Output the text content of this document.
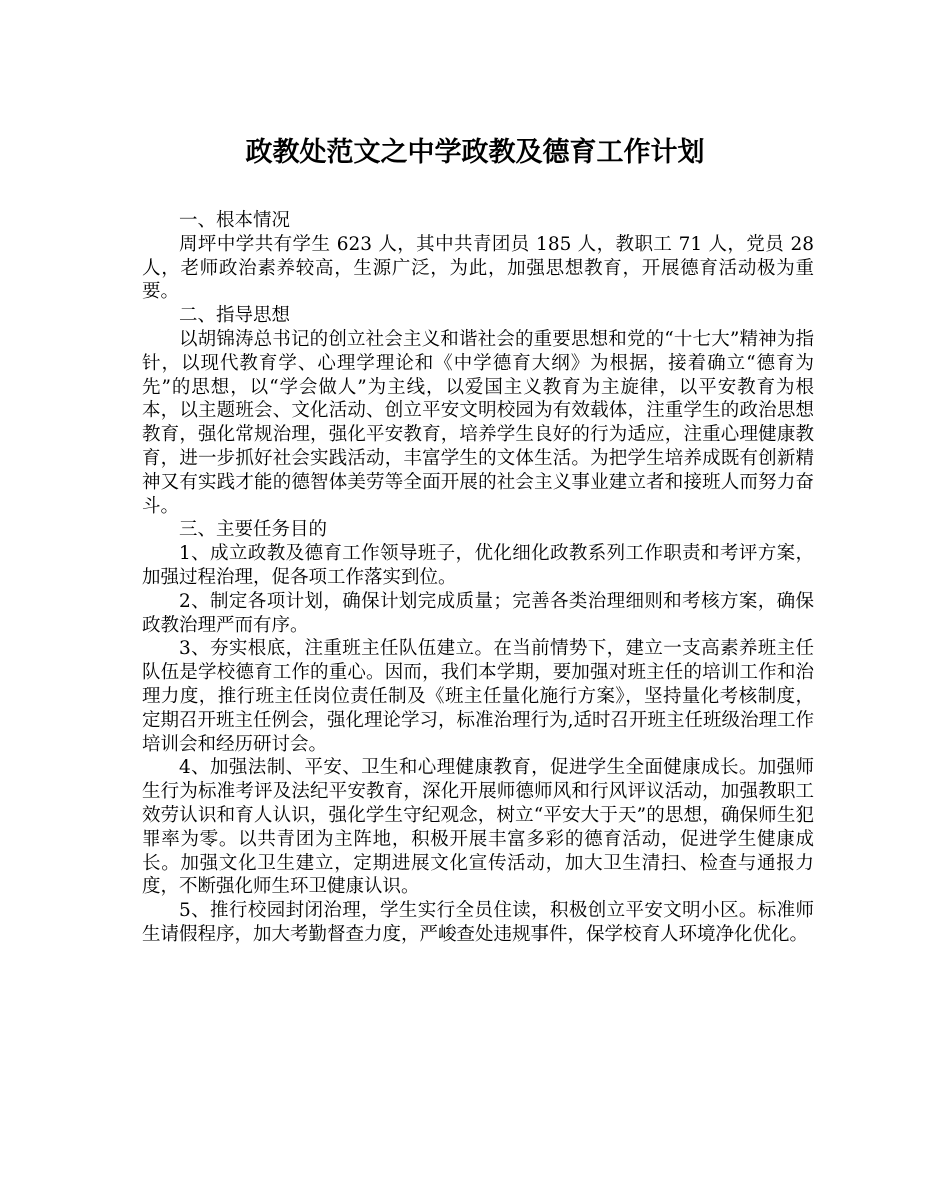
政教处范文之中学政教及德育工作计划

一、根本情况

周坪中学共有学生 623 人，其中共青团员 185 人，教职工 71 人，党员 28 人，老师政治素养较高，生源广泛，为此，加强思想教育，开展德育活动极为重要。

二、指导思想

以胡锦涛总书记的创立社会主义和谐社会的重要思想和党的“十七大”精神为指针，以现代教育学、心理学理论和《中学德育大纲》为根据，接着确立“德育为先”的思想，以“学会做人”为主线，以爱国主义教育为主旋律，以平安教育为根本，以主题班会、文化活动、创立平安文明校园为有效载体，注重学生的政治思想教育，强化常规治理，强化平安教育，培养学生良好的行为适应，注重心理健康教育，进一步抓好社会实践活动，丰富学生的文体生活。为把学生培养成既有创新精神又有实践才能的德智体美劳等全面开展的社会主义事业建立者和接班人而努力奋斗。

三、主要任务目的

1、成立政教及德育工作领导班子，优化细化政教系列工作职责和考评方案，加强过程治理，促各项工作落实到位。

2、制定各项计划，确保计划完成质量；完善各类治理细则和考核方案，确保政教治理严而有序。

3、夯实根底，注重班主任队伍建立。在当前情势下，建立一支高素养班主任队伍是学校德育工作的重心。因而，我们本学期，要加强对班主任的培训工作和治理力度，推行班主任岗位责任制及《班主任量化施行方案》，坚持量化考核制度，定期召开班主任例会，强化理论学习，标准治理行为,适时召开班主任班级治理工作培训会和经历研讨会。

4、加强法制、平安、卫生和心理健康教育，促进学生全面健康成长。加强师生行为标准考评及法纪平安教育，深化开展师德师风和行风评议活动，加强教职工效劳认识和育人认识，强化学生守纪观念，树立“平安大于天”的思想，确保师生犯罪率为零。以共青团为主阵地，积极开展丰富多彩的德育活动，促进学生健康成长。加强文化卫生建立，定期进展文化宣传活动，加大卫生清扫、检查与通报力度，不断强化师生环卫健康认识。

5、推行校园封闭治理，学生实行全员住读，积极创立平安文明小区。标准师生请假程序，加大考勤督查力度，严峻查处违规事件，保学校育人环境净化优化。
